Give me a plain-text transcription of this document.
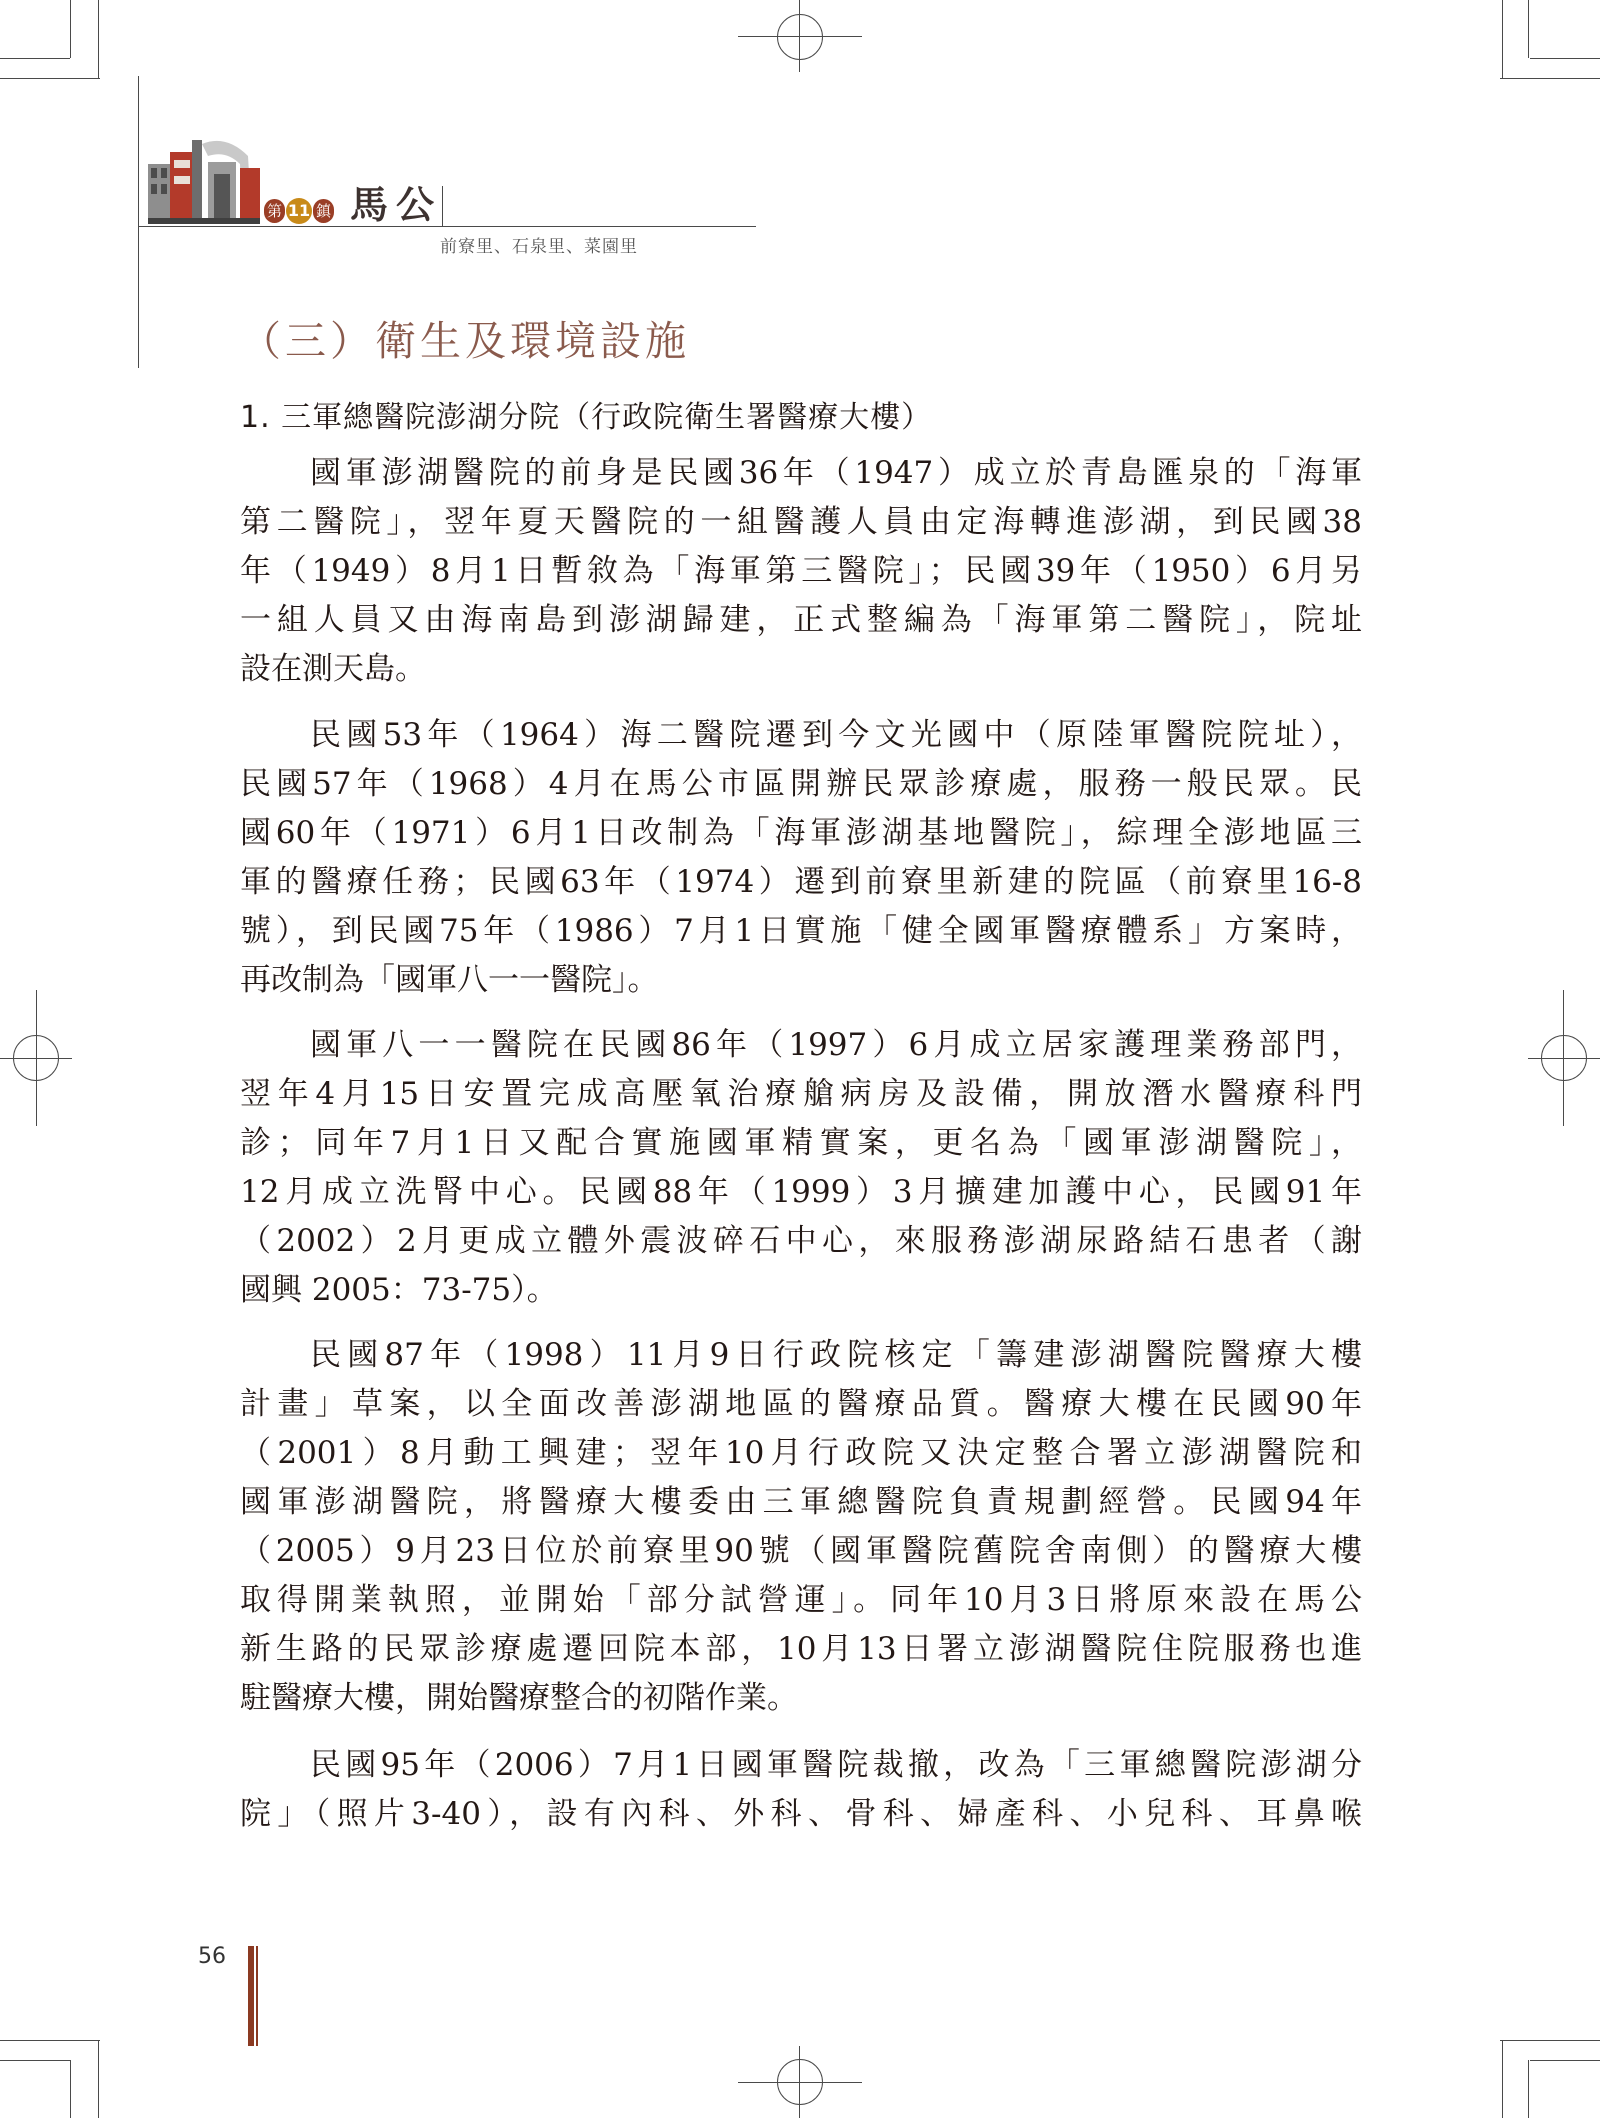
第 11 鎮 馬公
前寮里、石泉里、菜園里
（三）衛生及環境設施
1. 三軍總醫院澎湖分院（行政院衛生署醫療大樓）
國軍澎湖醫院的前身是民國36年（1947）成立於青島匯泉的「海軍
第二醫院」，翌年夏天醫院的一組醫護人員由定海轉進澎湖，到民國38
年（1949）8月1日暫敘為「海軍第三醫院」；民國39年（1950）6月另
一組人員又由海南島到澎湖歸建，正式整編為「海軍第二醫院」，院址
設在測天島。
民國53年（1964）海二醫院遷到今文光國中（原陸軍醫院院址），
民國57年（1968）4月在馬公市區開辦民眾診療處，服務一般民眾。民
國60年（1971）6月1日改制為「海軍澎湖基地醫院」，綜理全澎地區三
軍的醫療任務；民國63年（1974）遷到前寮里新建的院區（前寮里16-8
號），到民國75年（1986）7月1日實施「健全國軍醫療體系」方案時，
再改制為「國軍八一一醫院」。
國軍八一一醫院在民國86年（1997）6月成立居家護理業務部門，
翌年4月15日安置完成高壓氧治療艙病房及設備，開放潛水醫療科門
診；同年7月1日又配合實施國軍精實案，更名為「國軍澎湖醫院」，
12月成立洗腎中心。民國88年（1999）3月擴建加護中心，民國91年
（2002）2月更成立體外震波碎石中心，來服務澎湖尿路結石患者（謝
國興 2005：73-75）。
民國87年（1998）11月9日行政院核定「籌建澎湖醫院醫療大樓
計畫」草案，以全面改善澎湖地區的醫療品質。醫療大樓在民國90年
（2001）8月動工興建；翌年10月行政院又決定整合署立澎湖醫院和
國軍澎湖醫院，將醫療大樓委由三軍總醫院負責規劃經營。民國94年
（2005）9月23日位於前寮里90號（國軍醫院舊院舍南側）的醫療大樓
取得開業執照，並開始「部分試營運」。同年10月3日將原來設在馬公
新生路的民眾診療處遷回院本部，10月13日署立澎湖醫院住院服務也進
駐醫療大樓，開始醫療整合的初階作業。
民國95年（2006）7月1日國軍醫院裁撤，改為「三軍總醫院澎湖分
院」（照片3-40），設有內科、外科、骨科、婦產科、小兒科、耳鼻喉
56
